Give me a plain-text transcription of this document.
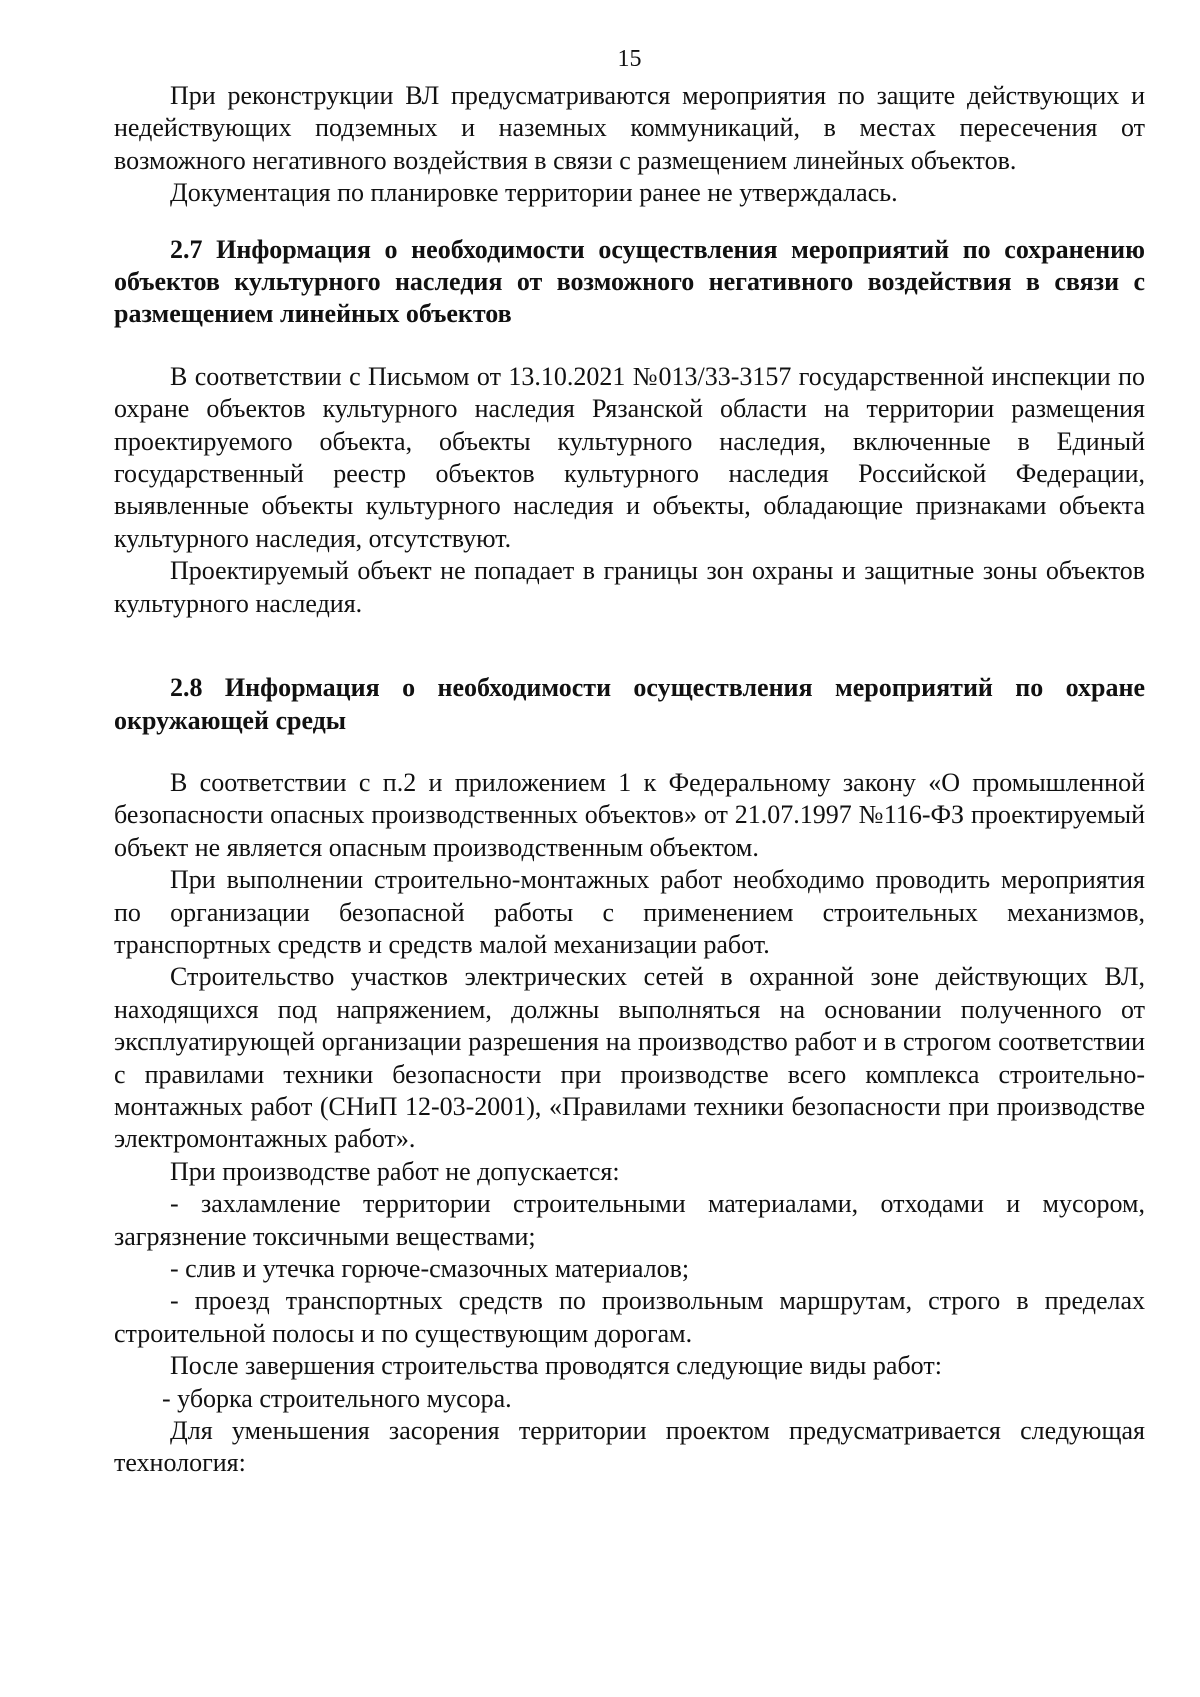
15

При реконструкции ВЛ предусматриваются мероприятия по защите действующих и недействующих подземных и наземных коммуникаций, в местах пересечения от возможного негативного воздействия в связи с размещением линейных объектов.

Документация по планировке территории ранее не утверждалась.

2.7 Информация о необходимости осуществления мероприятий по сохранению объектов культурного наследия от возможного негативного воздействия в связи с размещением линейных объектов

В соответствии с Письмом от 13.10.2021 №013/33-3157 государственной инспекции по охране объектов культурного наследия Рязанской области на территории размещения проектируемого объекта, объекты культурного наследия, включенные в Единый государственный реестр объектов культурного наследия Российской Федерации, выявленные объекты культурного наследия и объекты, обладающие признаками объекта культурного наследия, отсутствуют.

Проектируемый объект не попадает в границы зон охраны и защитные зоны объектов культурного наследия.

2.8 Информация о необходимости осуществления мероприятий по охране окружающей среды

В соответствии с п.2 и приложением 1 к Федеральному закону «О промышленной безопасности опасных производственных объектов» от 21.07.1997 №116-ФЗ проектируемый объект не является опасным производственным объектом.

При выполнении строительно-монтажных работ необходимо проводить мероприятия по организации безопасной работы с применением строительных механизмов, транспортных средств и средств малой механизации работ.

Строительство участков электрических сетей в охранной зоне действующих ВЛ, находящихся под напряжением, должны выполняться на основании полученного от эксплуатирующей организации разрешения на производство работ и в строгом соответствии с правилами техники безопасности при производстве всего комплекса строительно-монтажных работ (СНиП 12-03-2001), «Правилами техники безопасности при производстве электромонтажных работ».

При производстве работ не допускается:

- захламление территории строительными материалами, отходами и мусором, загрязнение токсичными веществами;

- слив и утечка горюче-смазочных материалов;

- проезд транспортных средств по произвольным маршрутам, строго в пределах строительной полосы и по существующим дорогам.

После завершения строительства проводятся следующие виды работ:

- уборка строительного мусора.

Для уменьшения засорения территории проектом предусматривается следующая технология:
